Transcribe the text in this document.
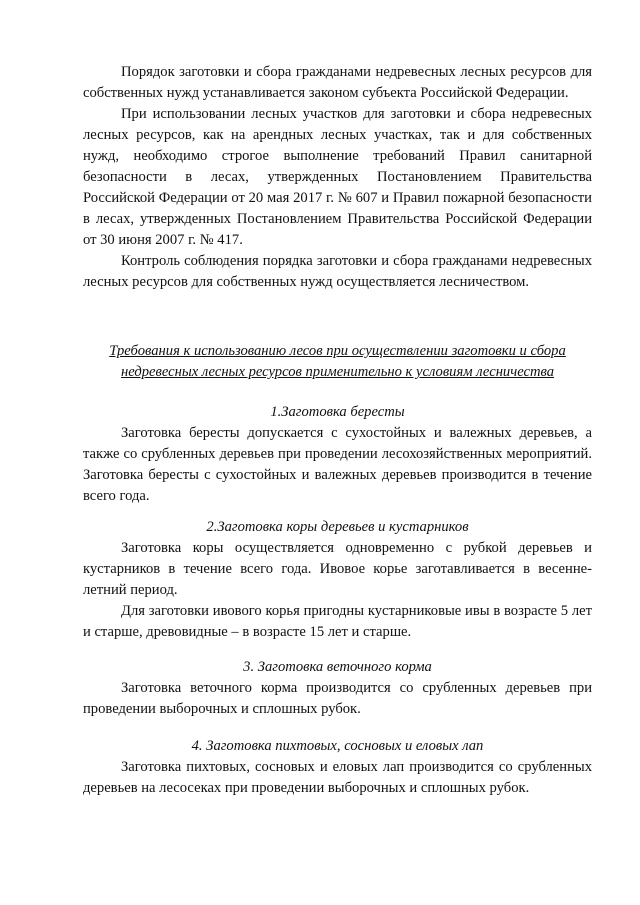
Порядок заготовки и сбора гражданами недревесных лесных ресурсов для собственных нужд устанавливается законом субъекта Российской Федерации.

При использовании лесных участков для заготовки и сбора недревесных лесных ресурсов, как на арендных лесных участках, так и для собственных нужд, необходимо строгое выполнение требований Правил санитарной безопасности в лесах, утвержденных Постановлением Правительства Российской Федерации от 20 мая 2017 г. № 607 и Правил пожарной безопасности в лесах, утвержденных Постановлением Правительства Российской Федерации от 30 июня 2007 г. № 417.

Контроль соблюдения порядка заготовки и сбора гражданами недревесных лесных ресурсов для собственных нужд осуществляется лесничеством.

Требования к использованию лесов при осуществлении заготовки и сбора

недревесных лесных ресурсов применительно к условиям лесничества

1.Заготовка бересты

Заготовка бересты допускается с сухостойных и валежных деревьев, а также со срубленных деревьев при проведении лесохозяйственных мероприятий. Заготовка бересты с сухостойных и валежных деревьев производится в течение всего года.

2.Заготовка коры деревьев и кустарников

Заготовка коры осуществляется одновременно с рубкой деревьев и кустарников в течение всего года. Ивовое корье заготавливается в весенне-летний период.

Для заготовки ивового корья пригодны кустарниковые ивы в возрасте 5 лет и старше, древовидные – в возрасте 15 лет и старше.

3. Заготовка веточного корма

Заготовка веточного корма производится со срубленных деревьев при проведении выборочных и сплошных рубок.

4. Заготовка пихтовых, сосновых и еловых лап

Заготовка пихтовых, сосновых и еловых лап производится со срубленных деревьев на лесосеках при проведении выборочных и сплошных рубок.
